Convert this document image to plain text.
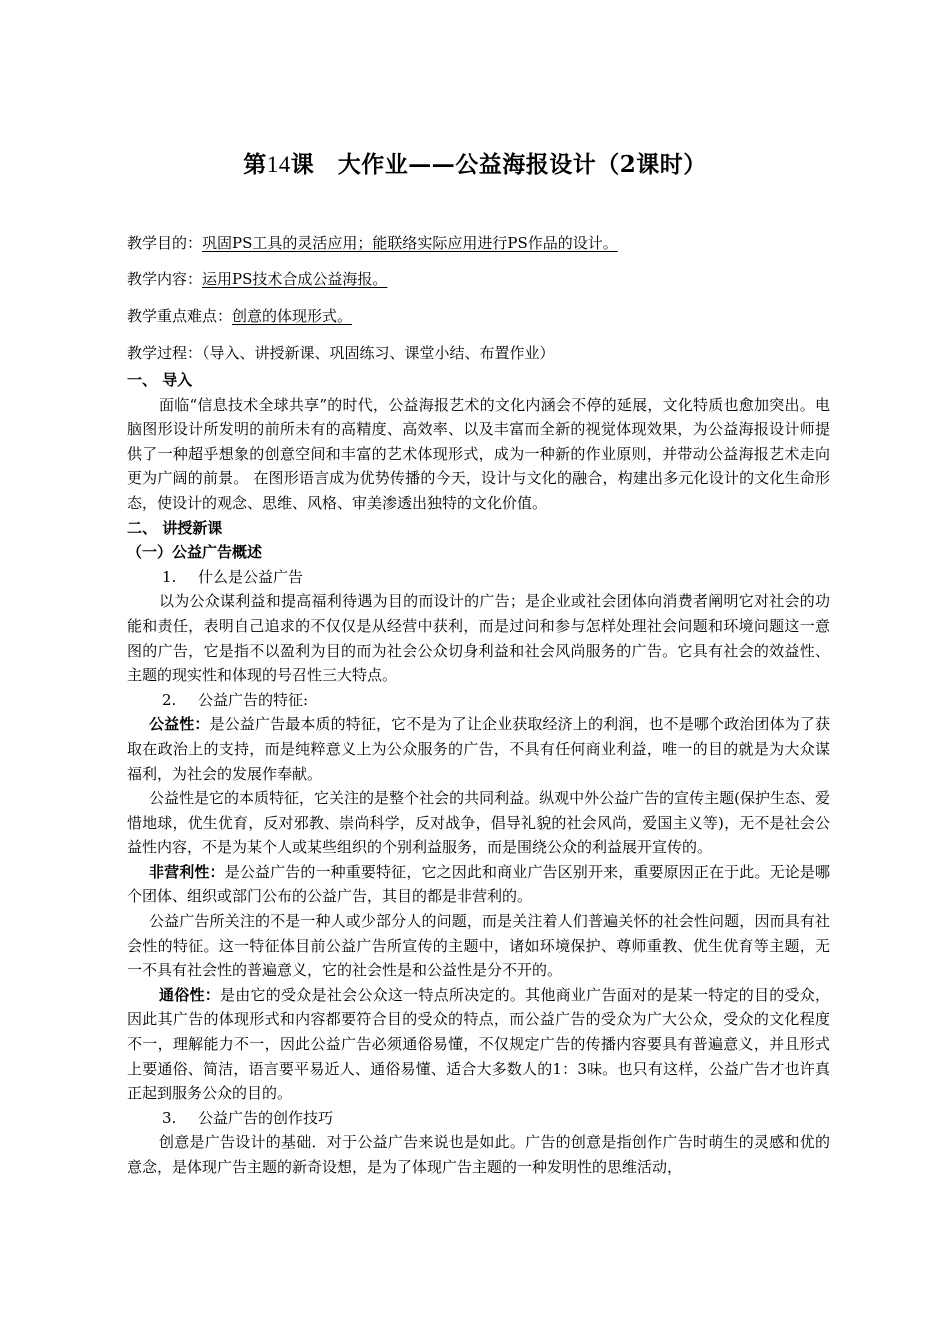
第14课　大作业——公益海报设计（2课时）
教学目的：巩固PS工具的灵活应用；能联络实际应用进行PS作品的设计。
教学内容：运用PS技术合成公益海报。
教学重点难点：创意的体现形式。
教学过程：（导入、讲授新课、巩固练习、课堂小结、布置作业）

一、 导入

面临“信息技术全球共享”的时代，公益海报艺术的文化内涵会不停的延展，文化特质也愈加突出。电脑图形设计所发明的前所未有的高精度、高效率、以及丰富而全新的视觉体现效果，为公益海报设计师提供了一种超乎想象的创意空间和丰富的艺术体现形式，成为一种新的作业原则，并带动公益海报艺术走向更为广阔的前景。 在图形语言成为优势传播的今天，设计与文化的融合，构建出多元化设计的文化生命形态，使设计的观念、思维、风格、审美渗透出独特的文化价值。

二、 讲授新课

（一）公益广告概述

1. 什么是公益广告

以为公众谋利益和提高福利待遇为目的而设计的广告；是企业或社会团体向消费者阐明它对社会的功能和责任，表明自己追求的不仅仅是从经营中获利，而是过问和参与怎样处理社会问题和环境问题这一意图的广告，它是指不以盈利为目的而为社会公众切身利益和社会风尚服务的广告。它具有社会的效益性、主题的现实性和体现的号召性三大特点。

2. 公益广告的特征:

公益性：是公益广告最本质的特征，它不是为了让企业获取经济上的利润，也不是哪个政治团体为了获取在政治上的支持，而是纯粹意义上为公众服务的广告，不具有任何商业利益，唯一的目的就是为大众谋福利，为社会的发展作奉献。

公益性是它的本质特征，它关注的是整个社会的共同利益。纵观中外公益广告的宣传主题(保护生态、爱惜地球，优生优育，反对邪教、崇尚科学，反对战争，倡导礼貌的社会风尚，爱国主义等)，无不是社会公益性内容，不是为某个人或某些组织的个别利益服务，而是围绕公众的利益展开宣传的。

非营利性：是公益广告的一种重要特征，它之因此和商业广告区别开来，重要原因正在于此。无论是哪个团体、组织或部门公布的公益广告，其目的都是非营利的。

公益广告所关注的不是一种人或少部分人的问题，而是关注着人们普遍关怀的社会性问题，因而具有社会性的特征。这一特征体目前公益广告所宣传的主题中，诸如环境保护、尊师重教、优生优育等主题，无一不具有社会性的普遍意义，它的社会性是和公益性是分不开的。

通俗性：是由它的受众是社会公众这一特点所决定的。其他商业广告面对的是某一特定的目的受众，因此其广告的体现形式和内容都要符合目的受众的特点，而公益广告的受众为广大公众，受众的文化程度不一，理解能力不一，因此公益广告必须通俗易懂，不仅规定广告的传播内容要具有普遍意义，并且形式上要通俗、简洁，语言要平易近人、通俗易懂、适合大多数人的1：3味。也只有这样，公益广告才也许真正起到服务公众的目的。

3. 公益广告的创作技巧

创意是广告设计的基础．对于公益广告来说也是如此。广告的创意是指创作广告时萌生的灵感和优的意念，是体现广告主题的新奇设想，是为了体现广告主题的一种发明性的思维活动，
